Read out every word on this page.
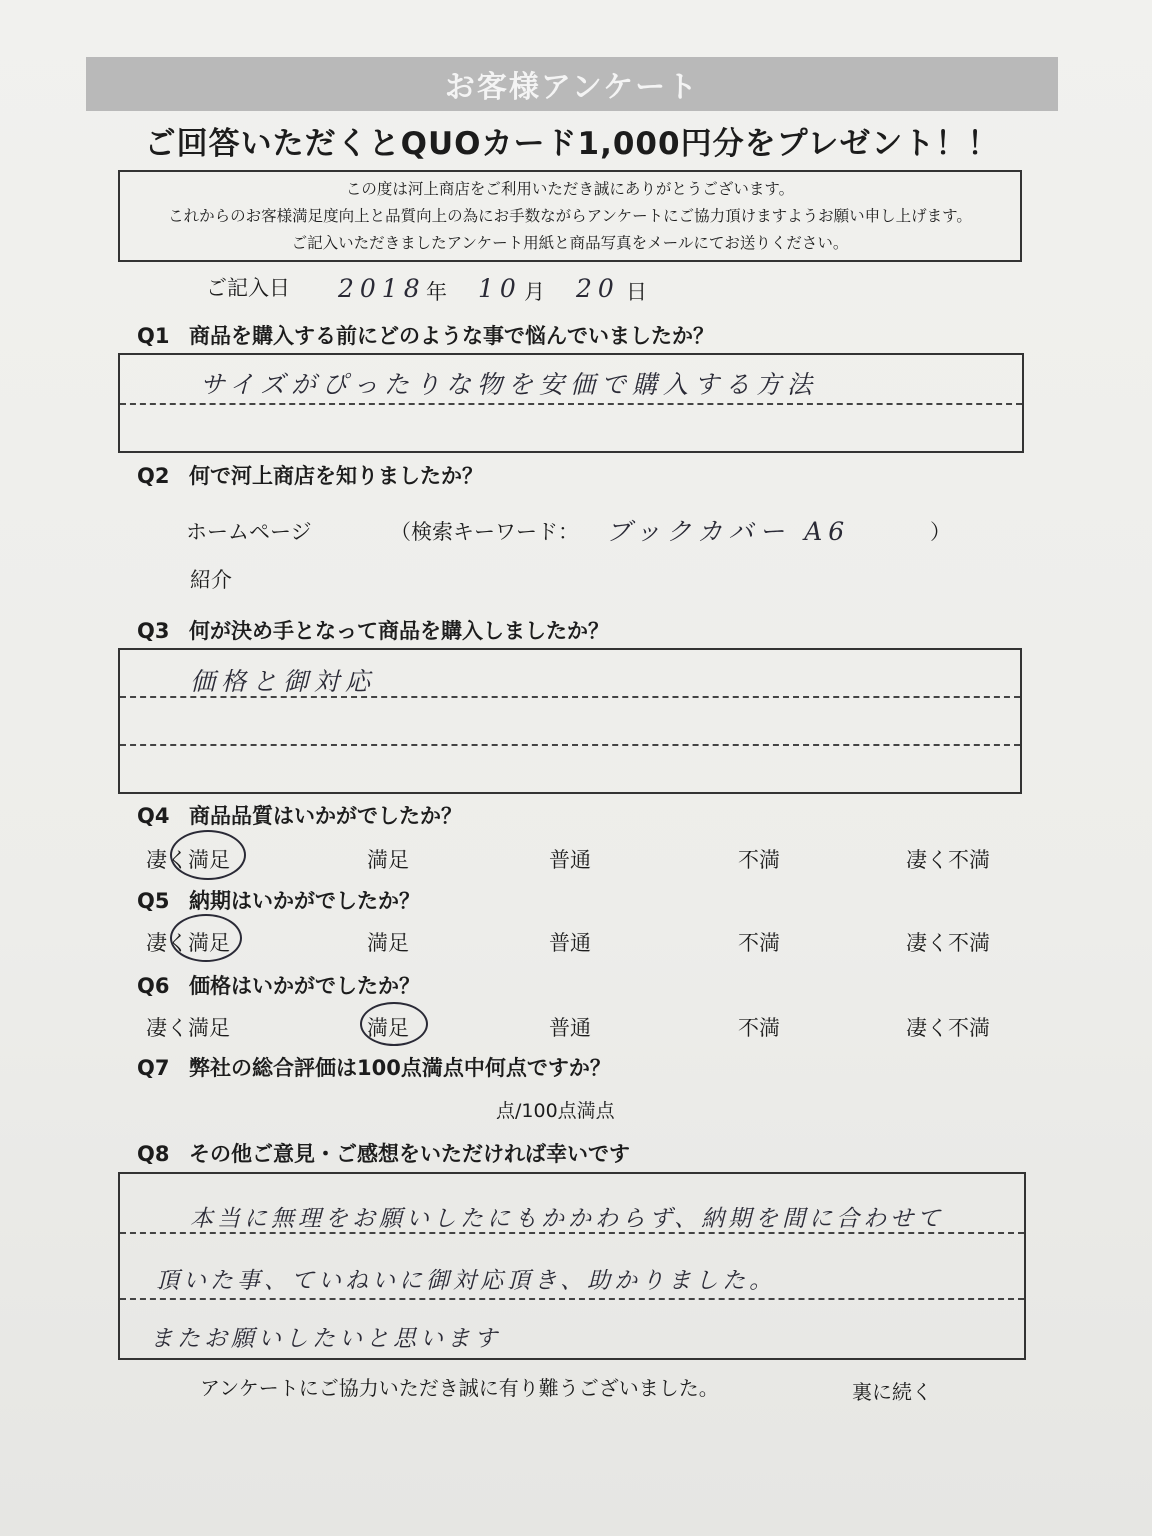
お客様アンケート
ご回答いただくとQUOカード1,000円分をプレゼント！！
この度は河上商店をご利用いただき誠にありがとうございます。
これからのお客様満足度向上と品質向上の為にお手数ながらアンケートにご協力頂けますようお願い申し上げます。
ご記入いただきましたアンケート用紙と商品写真をメールにてお送りください。
ご記入日 2018 年 10 月 20 日
Q1 商品を購入する前にどのような事で悩んでいましたか？
サイズがぴったりな物を安価で購入する方法
Q2 何で河上商店を知りましたか？
ホームページ	（検索キーワード： ブックカバー A6	）
紹介
Q3 何が決め手となって商品を購入しましたか？
価格と御対応
Q4 商品品質はいかがでしたか？
凄く満足	満足	普通	不満	凄く不満
Q5 納期はいかがでしたか？
凄く満足	満足	普通	不満	凄く不満
Q6 価格はいかがでしたか？
凄く満足	満足	普通	不満	凄く不満
Q7 弊社の総合評価は100点満点中何点ですか？
点/100点満点
Q8 その他ご意見・ご感想をいただければ幸いです
本当に無理をお願いしたにもかかわらず、納期を間に合わせて
頂いた事、ていねいに御対応頂き、助かりました。
またお願いしたいと思います
アンケートにご協力いただき誠に有り難うございました。	裏に続く
